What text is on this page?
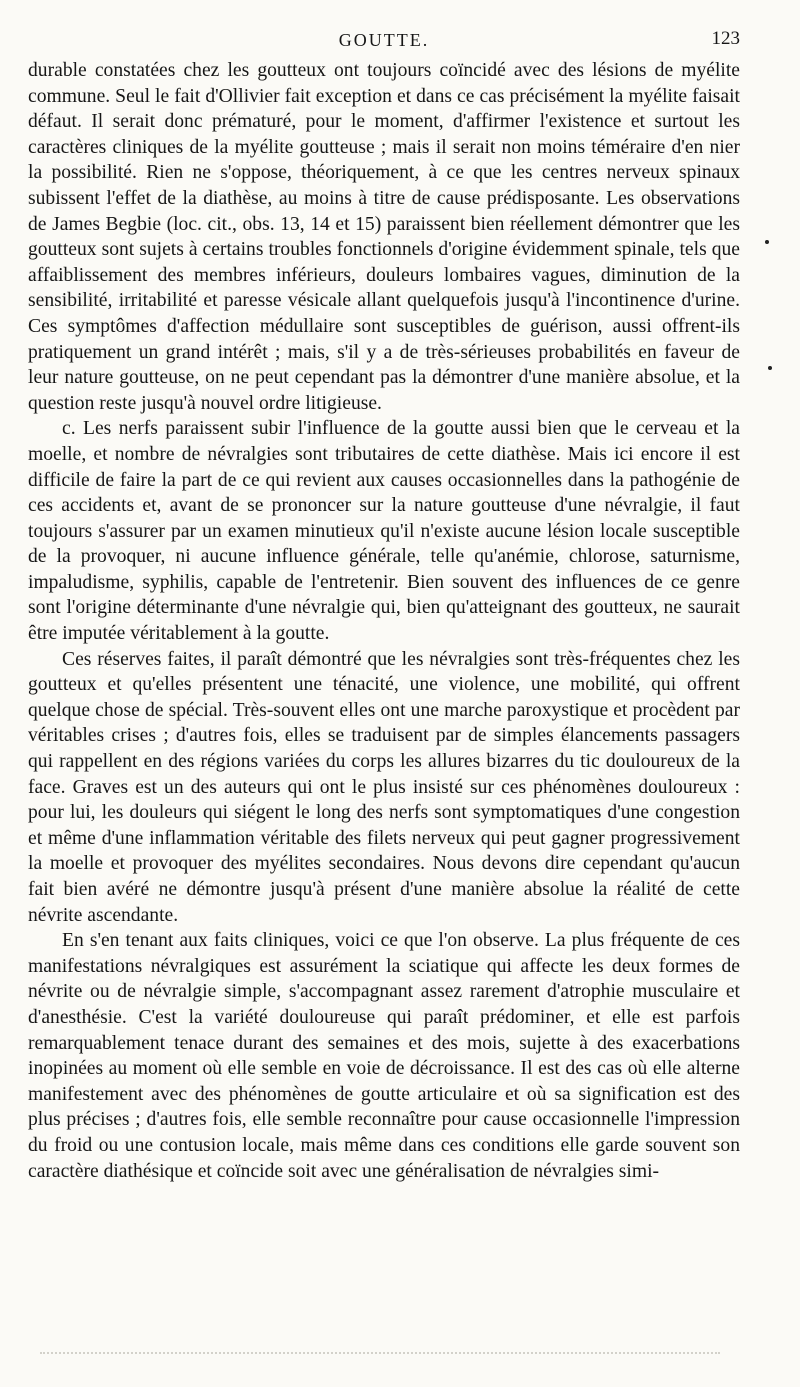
GOUTTE.	123

durable constatées chez les goutteux ont toujours coïncidé avec des lésions de myélite commune. Seul le fait d'Ollivier fait exception et dans ce cas précisément la myélite faisait défaut. Il serait donc prématuré, pour le moment, d'affirmer l'existence et surtout les caractères cliniques de la myélite goutteuse ; mais il serait non moins téméraire d'en nier la possibilité. Rien ne s'oppose, théoriquement, à ce que les centres nerveux spinaux subissent l'effet de la diathèse, au moins à titre de cause prédisposante. Les observations de James Begbie (loc. cit., obs. 13, 14 et 15) paraissent bien réellement démontrer que les goutteux sont sujets à certains troubles fonctionnels d'origine évidemment spinale, tels que affaiblissement des membres inférieurs, douleurs lombaires vagues, diminution de la sensibilité, irritabilité et paresse vésicale allant quelquefois jusqu'à l'incontinence d'urine. Ces symptômes d'affection médullaire sont susceptibles de guérison, aussi offrent-ils pratiquement un grand intérêt ; mais, s'il y a de très-sérieuses probabilités en faveur de leur nature goutteuse, on ne peut cependant pas la démontrer d'une manière absolue, et la question reste jusqu'à nouvel ordre litigieuse.

c. Les nerfs paraissent subir l'influence de la goutte aussi bien que le cerveau et la moelle, et nombre de névralgies sont tributaires de cette diathèse. Mais ici encore il est difficile de faire la part de ce qui revient aux causes occasionnelles dans la pathogénie de ces accidents et, avant de se prononcer sur la nature goutteuse d'une névralgie, il faut toujours s'assurer par un examen minutieux qu'il n'existe aucune lésion locale susceptible de la provoquer, ni aucune influence générale, telle qu'anémie, chlorose, saturnisme, impaludisme, syphilis, capable de l'entretenir. Bien souvent des influences de ce genre sont l'origine déterminante d'une névralgie qui, bien qu'atteignant des goutteux, ne saurait être imputée véritablement à la goutte.

Ces réserves faites, il paraît démontré que les névralgies sont très-fréquentes chez les goutteux et qu'elles présentent une ténacité, une violence, une mobilité, qui offrent quelque chose de spécial. Très-souvent elles ont une marche paroxystique et procèdent par véritables crises ; d'autres fois, elles se traduisent par de simples élancements passagers qui rappellent en des régions variées du corps les allures bizarres du tic douloureux de la face. Graves est un des auteurs qui ont le plus insisté sur ces phénomènes douloureux : pour lui, les douleurs qui siégent le long des nerfs sont symptomatiques d'une congestion et même d'une inflammation véritable des filets nerveux qui peut gagner progressivement la moelle et provoquer des myélites secondaires. Nous devons dire cependant qu'aucun fait bien avéré ne démontre jusqu'à présent d'une manière absolue la réalité de cette névrite ascendante.

En s'en tenant aux faits cliniques, voici ce que l'on observe. La plus fréquente de ces manifestations névralgiques est assurément la sciatique qui affecte les deux formes de névrite ou de névralgie simple, s'accompagnant assez rarement d'atrophie musculaire et d'anesthésie. C'est la variété douloureuse qui paraît prédominer, et elle est parfois remarquablement tenace durant des semaines et des mois, sujette à des exacerbations inopinées au moment où elle semble en voie de décroissance. Il est des cas où elle alterne manifestement avec des phénomènes de goutte articulaire et où sa signification est des plus précises ; d'autres fois, elle semble reconnaître pour cause occasionnelle l'impression du froid ou une contusion locale, mais même dans ces conditions elle garde souvent son caractère diathésique et coïncide soit avec une généralisation de névralgies simi-
